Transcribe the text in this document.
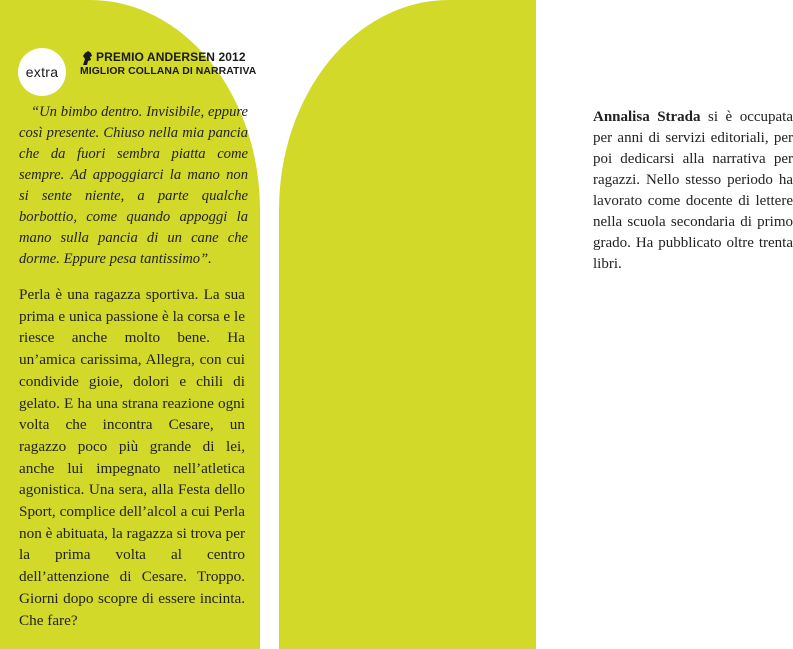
extra
PREMIO ANDERSEN 2012
MIGLIOR COLLANA DI NARRATIVA

“Un bimbo dentro. Invisibile, eppure così presente. Chiuso nella mia pancia che da fuori sembra piatta come sempre. Ad appoggiarci la mano non si sente niente, a parte qualche borbottio, come quando appoggi la mano sulla pancia di un cane che dorme. Eppure pesa tantissimo”.

Perla è una ragazza sportiva. La sua prima e unica passione è la corsa e le riesce anche molto bene. Ha un’amica carissima, Allegra, con cui condivide gioie, dolori e chili di gelato. E ha una strana reazione ogni volta che incontra Cesare, un ragazzo poco più grande di lei, anche lui impegnato nell’atletica agonistica. Una sera, alla Festa dello Sport, complice dell’alcol a cui Perla non è abituata, la ragazza si trova per la prima volta al centro dell’attenzione di Cesare. Troppo. Giorni dopo scopre di essere incinta. Che fare?

Annalisa Strada si è occupata per anni di servizi editoriali, per poi dedicarsi alla narrativa per ragazzi. Nello stesso periodo ha lavorato come docente di lettere nella scuola secondaria di primo grado. Ha pubblicato oltre trenta libri.
